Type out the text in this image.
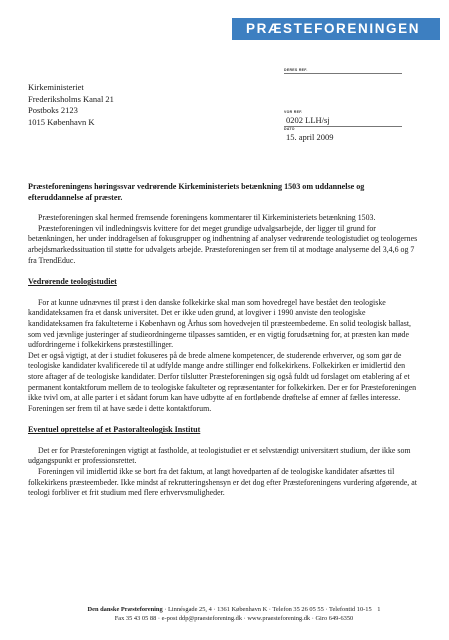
PRÆSTEFORENINGEN
DERES REF.
VOR REF.
0202 LLH/sj
DATO
15. april 2009
Kirkeministeriet
Frederiksholms Kanal 21
Postboks 2123
1015 København K
Præsteforeningens høringssvar vedrørende Kirkeministeriets betænkning 1503 om uddannelse og efteruddannelse af præster.

Præsteforeningen skal hermed fremsende foreningens kommentarer til Kirkeministeriets betænkning 1503.

Præsteforeningen vil indledningsvis kvittere for det meget grundige udvalgsarbejde, der ligger til grund for betænkningen, her under inddragelsen af fokusgrupper og indhentning af analyser vedrørende teologistudiet og teologernes arbejdsmarkedssituation til støtte for udvalgets arbejde. Præsteforeningen ser frem til at modtage analyserne del 3,4,6 og 7 fra TrendEduc.

Vedrørende teologistudiet

For at kunne udnævnes til præst i den danske folkekirke skal man som hovedregel have bestået den teologiske kandidateksamen fra et dansk universitet. Det er ikke uden grund, at lovgiver i 1990 anviste den teologiske kandidateksamen fra fakulteterne i København og Århus som hovedvejen til præsteembedeme. En solid teologisk ballast, som ved jævnlige justeringer af studieordningerne tilpasses samtiden, er en vigtig forudsætning for, at præsten kan møde udfordringerne i folkekirkens præstestillinger.

Det er også vigtigt, at der i studiet fokuseres på de brede almene kompetencer, de studerende erhverver, og som gør de teologiske kandidater kvalificerede til at udfylde mange andre stillinger end folkekirkens. Folkekirken er imidlertid den store aftager af de teologiske kandidater. Derfor tilslutter Præsteforeningen sig også fuldt ud forslaget om etablering af et permanent kontaktforum mellem de to teologiske fakulteter og repræsentanter for folkekirken. Der er for Præsteforeningen ikke tvivl om, at alle parter i et sådant forum kan have udbytte af en fortløbende drøftelse af emner af fælles interesse. Foreningen ser frem til at have sæde i dette kontaktforum.

Eventuel oprettelse af et Pastoralteologisk Institut

Det er for Præsteforeningen vigtigt at fastholde, at teologistudiet er et selvstændigt universitært studium, der ikke som udgangspunkt er professionsrettet.

Foreningen vil imidlertid ikke se bort fra det faktum, at langt hovedparten af de teologiske kandidater afsættes til folkekirkens præsteembeder. Ikke mindst af rekrutteringshensyn er det dog efter Præsteforeningens vurdering afgørende, at teologi forbliver et frit studium med flere erhvervsmuligheder.

Den danske Præsteforening · Linnésgade 25, 4 · 1361 København K · Telefon 35 26 05 55 · Telefontid 10-15 1
Fax 35 43 05 88 · e-post ddp@praesteforening.dk · www.praesteforening.dk · Giro 649-6350
